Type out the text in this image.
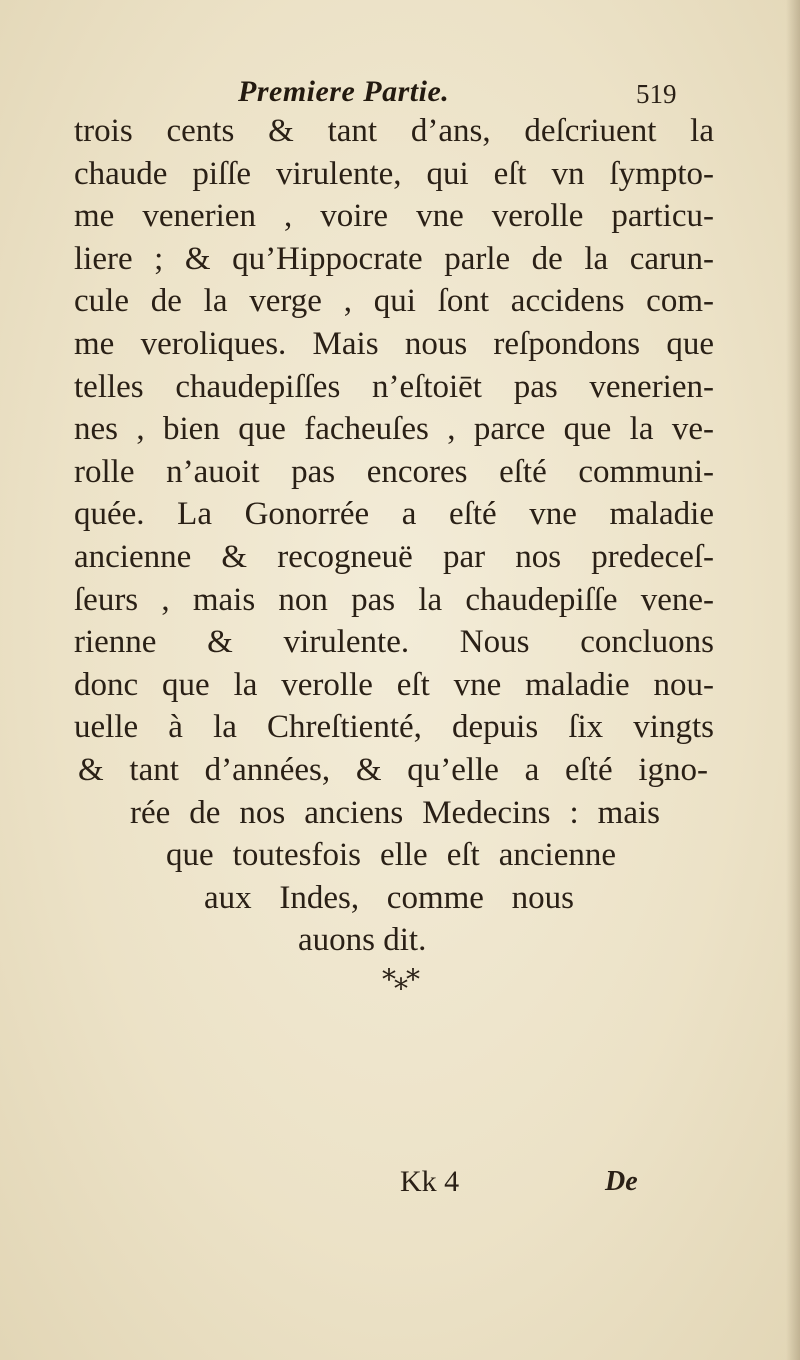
Premiere Partie.	519
trois cents & tant d’ans, deſcriuent la
chaude piſſe virulente, qui eſt vn ſympto-
me venerien , voire vne verolle particu-
liere ; & qu’Hippocrate parle de la carun-
cule de la verge , qui ſont accidens com-
me veroliques. Mais nous reſpondons que
telles chaudepiſſes n’eſtoiēt pas venerien-
nes , bien que facheuſes , parce que la ve-
rolle n’auoit pas encores eſté communi-
quée. La Gonorrée a eſté vne maladie
ancienne & recogneuë par nos predeceſ-
ſeurs , mais non pas la chaudepiſſe vene-
rienne & virulente. Nous concluons
donc que la verolle eſt vne maladie nou-
uelle à la Chreſtienté, depuis ſix vingts
& tant d’années, & qu’elle a eſté igno-
rée de nos anciens Medecins : mais
que toutesfois elle eſt ancienne
aux Indes, comme nous
auons dit.
*⁎*
Kk 4	De
